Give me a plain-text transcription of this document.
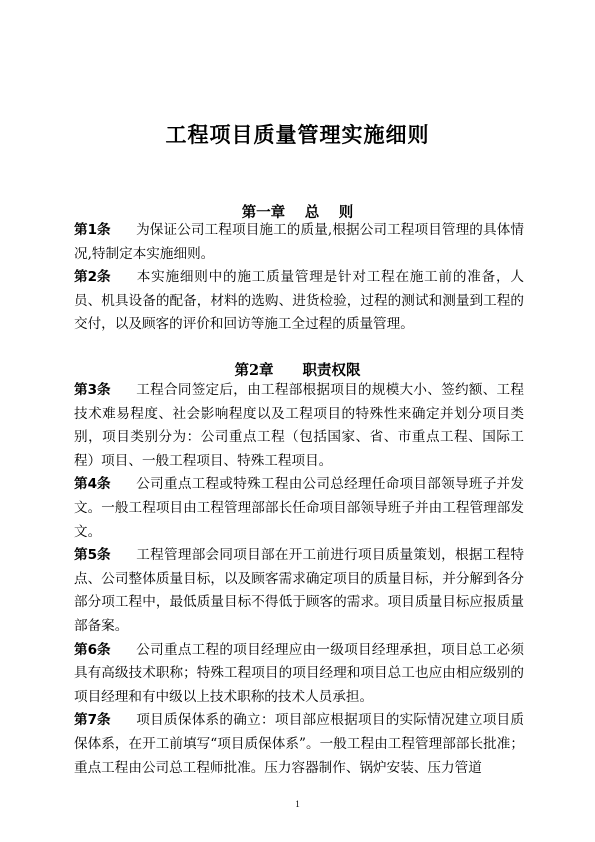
工程项目质量管理实施细则
第一章　 总　 则

第1条 为保证公司工程项目施工的质量,根据公司工程项目管理的具体情况,特制定本实施细则。

第2条 本实施细则中的施工质量管理是针对工程在施工前的准备，人员、机具设备的配备，材料的选购、进货检验，过程的测试和测量到工程的交付，以及顾客的评价和回访等施工全过程的质量管理。

第2章　　职责权限

第3条 工程合同签定后，由工程部根据项目的规模大小、签约额、工程技术难易程度、社会影响程度以及工程项目的特殊性来确定并划分项目类别，项目类别分为：公司重点工程（包括国家、省、市重点工程、国际工程）项目、一般工程项目、特殊工程项目。

第4条 公司重点工程或特殊工程由公司总经理任命项目部领导班子并发文。一般工程项目由工程管理部部长任命项目部领导班子并由工程管理部发文。

第5条 工程管理部会同项目部在开工前进行项目质量策划，根据工程特点、公司整体质量目标，以及顾客需求确定项目的质量目标，并分解到各分部分项工程中，最低质量目标不得低于顾客的需求。项目质量目标应报质量部备案。

第6条 公司重点工程的项目经理应由一级项目经理承担，项目总工必须具有高级技术职称；特殊工程项目的项目经理和项目总工也应由相应级别的项目经理和有中级以上技术职称的技术人员承担。

第7条 项目质保体系的确立：项目部应根据项目的实际情况建立项目质保体系，在开工前填写“项目质保体系”。一般工程由工程管理部部长批准；重点工程由公司总工程师批准。压力容器制作、锅炉安装、压力管道

1
